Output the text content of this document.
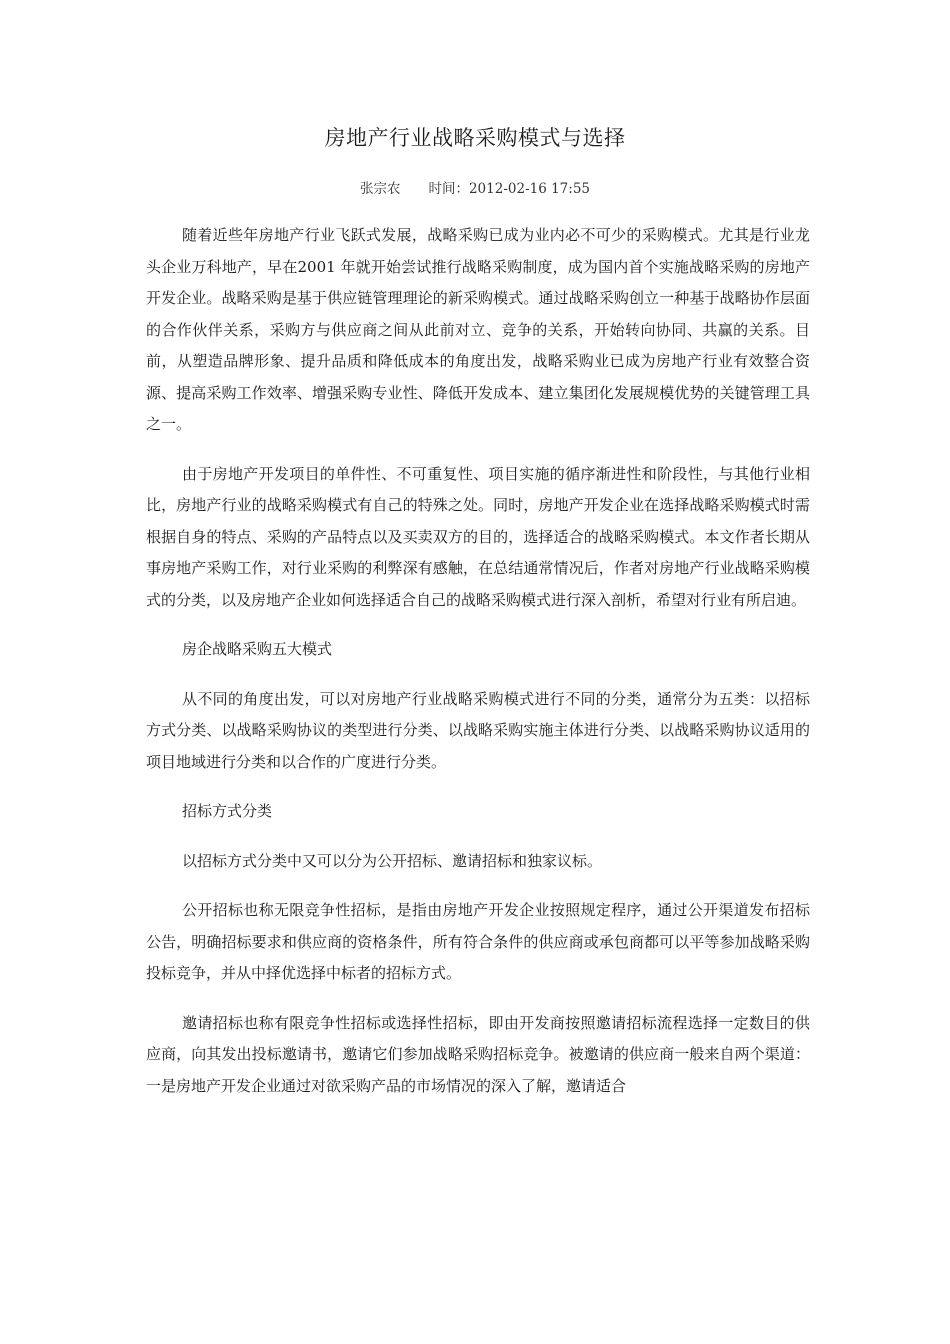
房地产行业战略采购模式与选择
张宗农 时间：2012-02-16 17:55

随着近些年房地产行业飞跃式发展，战略采购已成为业内必不可少的采购模式。尤其是行业龙头企业万科地产，早在2001 年就开始尝试推行战略采购制度，成为国内首个实施战略采购的房地产开发企业。战略采购是基于供应链管理理论的新采购模式。通过战略采购创立一种基于战略协作层面的合作伙伴关系，采购方与供应商之间从此前对立、竞争的关系，开始转向协同、共赢的关系。目前，从塑造品牌形象、提升品质和降低成本的角度出发，战略采购业已成为房地产行业有效整合资源、提高采购工作效率、增强采购专业性、降低开发成本、建立集团化发展规模优势的关键管理工具之一。

由于房地产开发项目的单件性、不可重复性、项目实施的循序渐进性和阶段性，与其他行业相比，房地产行业的战略采购模式有自己的特殊之处。同时，房地产开发企业在选择战略采购模式时需根据自身的特点、采购的产品特点以及买卖双方的目的，选择适合的战略采购模式。本文作者长期从事房地产采购工作，对行业采购的利弊深有感触，在总结通常情况后，作者对房地产行业战略采购模式的分类，以及房地产企业如何选择适合自己的战略采购模式进行深入剖析，希望对行业有所启迪。

房企战略采购五大模式

从不同的角度出发，可以对房地产行业战略采购模式进行不同的分类，通常分为五类：以招标方式分类、以战略采购协议的类型进行分类、以战略采购实施主体进行分类、以战略采购协议适用的项目地域进行分类和以合作的广度进行分类。

招标方式分类

以招标方式分类中又可以分为公开招标、邀请招标和独家议标。

公开招标也称无限竞争性招标，是指由房地产开发企业按照规定程序，通过公开渠道发布招标公告，明确招标要求和供应商的资格条件，所有符合条件的供应商或承包商都可以平等参加战略采购投标竞争，并从中择优选择中标者的招标方式。

邀请招标也称有限竞争性招标或选择性招标，即由开发商按照邀请招标流程选择一定数目的供应商，向其发出投标邀请书，邀请它们参加战略采购招标竞争。被邀请的供应商一般来自两个渠道：一是房地产开发企业通过对欲采购产品的市场情况的深入了解，邀请适合
